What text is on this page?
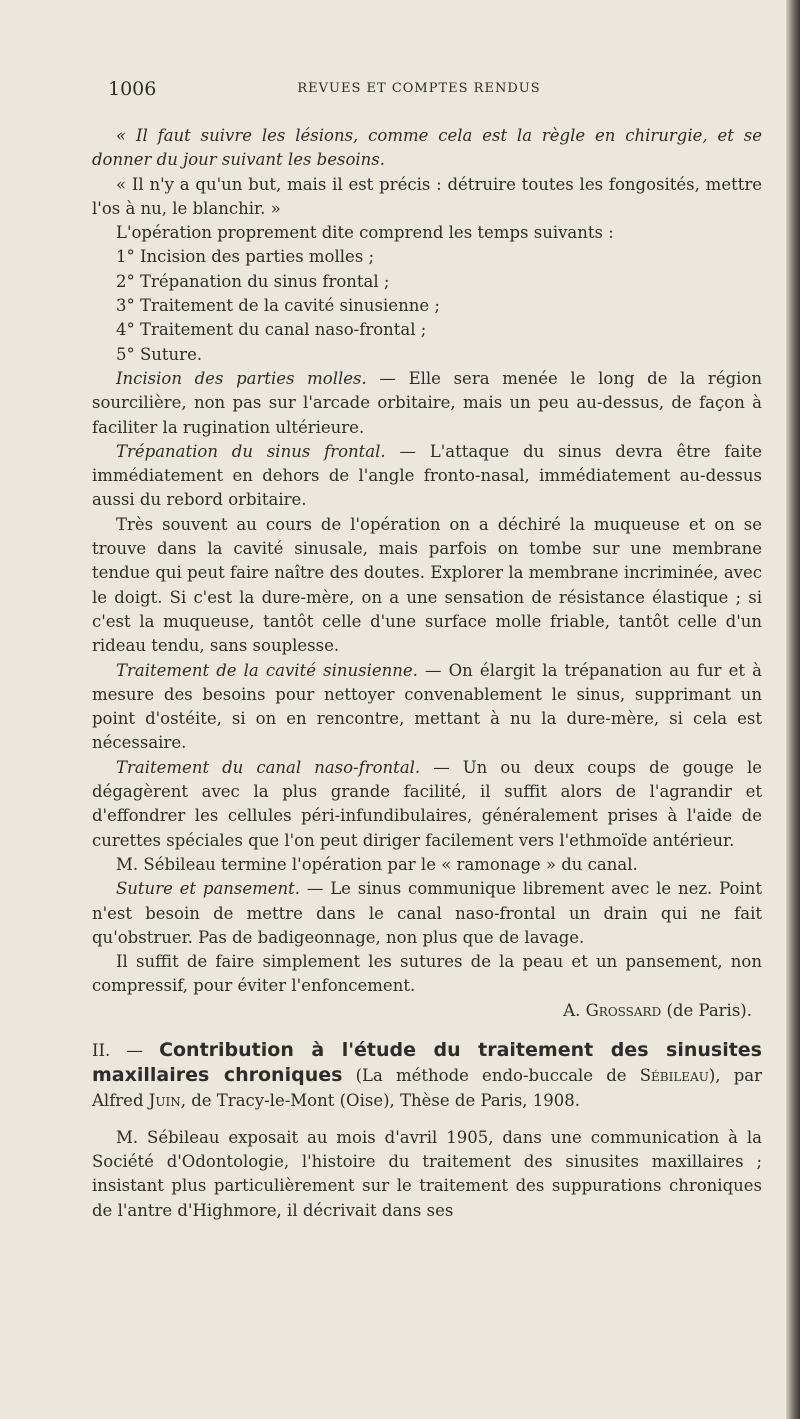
1006	REVUES ET COMPTES RENDUS

« Il faut suivre les lésions, comme cela est la règle en chirurgie, et se donner du jour suivant les besoins.

« Il n'y a qu'un but, mais il est précis : détruire toutes les fongosités, mettre l'os à nu, le blanchir. »

L'opération proprement dite comprend les temps suivants :

1° Incision des parties molles ;

2° Trépanation du sinus frontal ;

3° Traitement de la cavité sinusienne ;

4° Traitement du canal naso-frontal ;

5° Suture.

Incision des parties molles. — Elle sera menée le long de la région sourcilière, non pas sur l'arcade orbitaire, mais un peu au-dessus, de façon à faciliter la rugination ultérieure.

Trépanation du sinus frontal. — L'attaque du sinus devra être faite immédiatement en dehors de l'angle fronto-nasal, immédiatement au-dessus aussi du rebord orbitaire.

Très souvent au cours de l'opération on a déchiré la muqueuse et on se trouve dans la cavité sinusale, mais parfois on tombe sur une membrane tendue qui peut faire naître des doutes. Explorer la membrane incriminée, avec le doigt. Si c'est la dure-mère, on a une sensation de résistance élastique ; si c'est la muqueuse, tantôt celle d'une surface molle friable, tantôt celle d'un rideau tendu, sans souplesse.

Traitement de la cavité sinusienne. — On élargit la trépanation au fur et à mesure des besoins pour nettoyer convenablement le sinus, supprimant un point d'ostéite, si on en rencontre, mettant à nu la dure-mère, si cela est nécessaire.

Traitement du canal naso-frontal. — Un ou deux coups de gouge le dégagèrent avec la plus grande facilité, il suffit alors de l'agrandir et d'effondrer les cellules péri-infundibulaires, généralement prises à l'aide de curettes spéciales que l'on peut diriger facilement vers l'ethmoïde antérieur.

M. Sébileau termine l'opération par le « ramonage » du canal.

Suture et pansement. — Le sinus communique librement avec le nez. Point n'est besoin de mettre dans le canal naso-frontal un drain qui ne fait qu'obstruer. Pas de badigeonnage, non plus que de lavage.

Il suffit de faire simplement les sutures de la peau et un pansement, non compressif, pour éviter l'enfoncement.

A. Grossard (de Paris).

II. — Contribution à l'étude du traitement des sinusites maxillaires chroniques (La méthode endo-buccale de Sébileau), par Alfred Juin, de Tracy-le-Mont (Oise), Thèse de Paris, 1908.

M. Sébileau exposait au mois d'avril 1905, dans une communication à la Société d'Odontologie, l'histoire du traitement des sinusites maxillaires ; insistant plus particulièrement sur le traitement des suppurations chroniques de l'antre d'Highmore, il décrivait dans ses
